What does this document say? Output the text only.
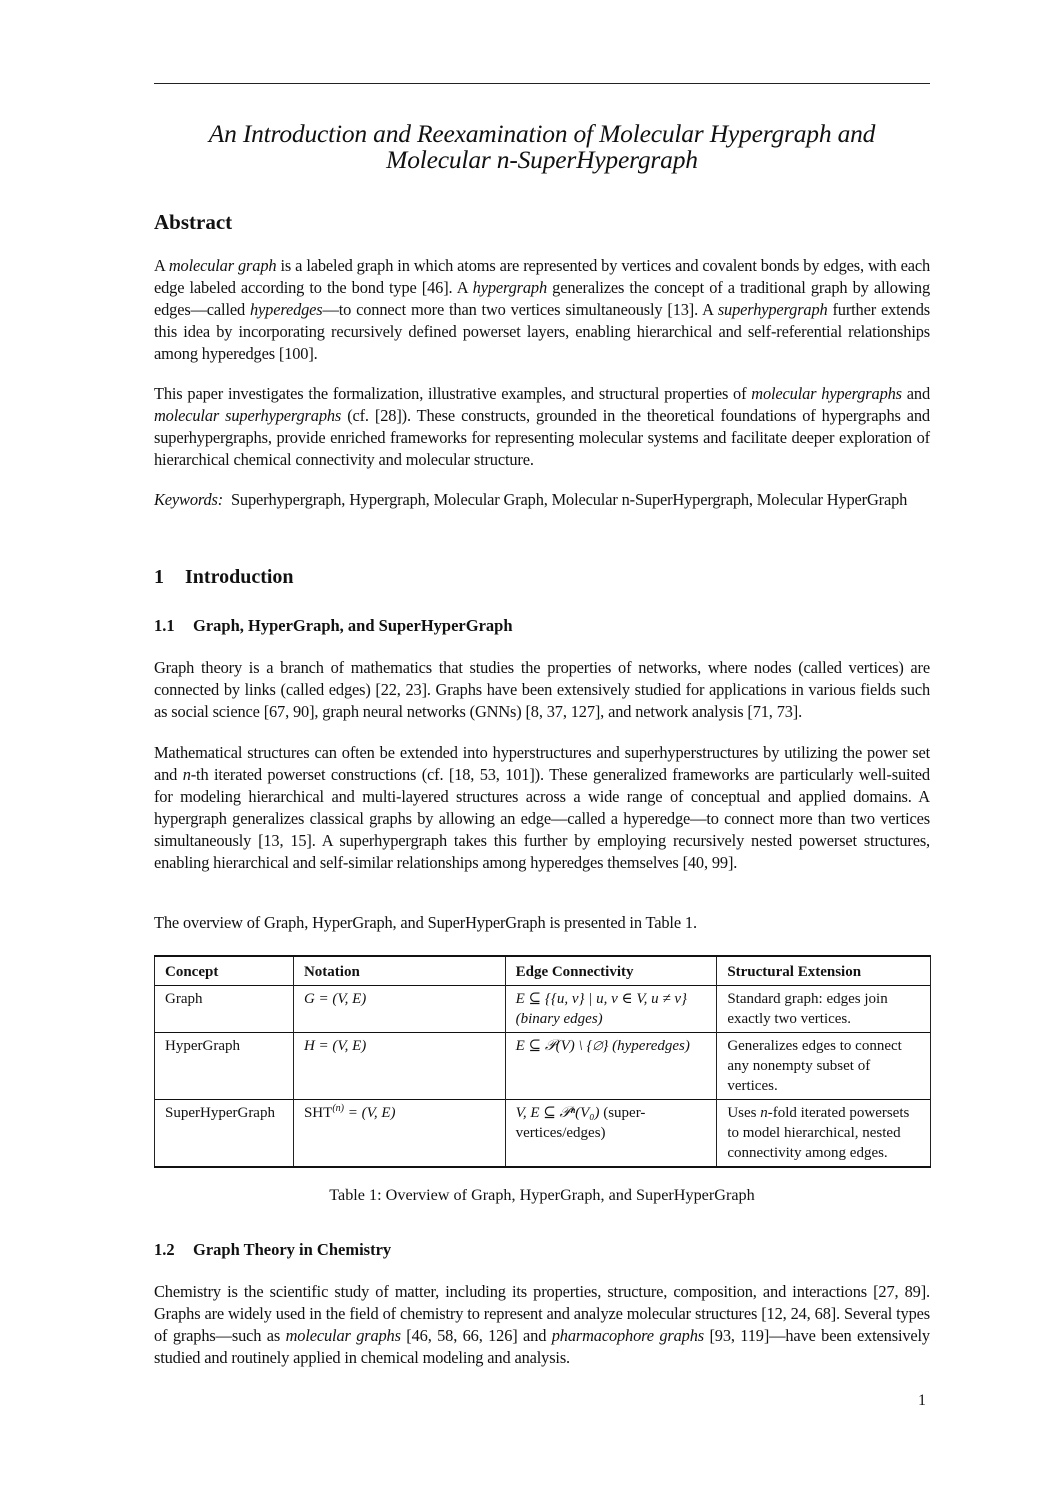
An Introduction and Reexamination of Molecular Hypergraph and
Molecular n-SuperHypergraph
Abstract
A molecular graph is a labeled graph in which atoms are represented by vertices and covalent bonds by edges, with each edge labeled according to the bond type [46]. A hypergraph generalizes the concept of a traditional graph by allowing edges—called hyperedges—to connect more than two vertices simultaneously [13]. A superhypergraph further extends this idea by incorporating recursively defined powerset layers, enabling hierarchical and self-referential relationships among hyperedges [100].
This paper investigates the formalization, illustrative examples, and structural properties of molecular hypergraphs and molecular superhypergraphs (cf. [28]). These constructs, grounded in the theoretical foundations of hypergraphs and superhypergraphs, provide enriched frameworks for representing molecular systems and facilitate deeper exploration of hierarchical chemical connectivity and molecular structure.
Keywords: Superhypergraph, Hypergraph, Molecular Graph, Molecular n-SuperHypergraph, Molecular HyperGraph
1 Introduction
1.1 Graph, HyperGraph, and SuperHyperGraph
Graph theory is a branch of mathematics that studies the properties of networks, where nodes (called vertices) are connected by links (called edges) [22, 23]. Graphs have been extensively studied for applications in various fields such as social science [67, 90], graph neural networks (GNNs) [8, 37, 127], and network analysis [71, 73].
Mathematical structures can often be extended into hyperstructures and superhyperstructures by utilizing the power set and n-th iterated powerset constructions (cf. [18, 53, 101]). These generalized frameworks are particularly well-suited for modeling hierarchical and multi-layered structures across a wide range of conceptual and applied domains. A hypergraph generalizes classical graphs by allowing an edge—called a hyperedge—to connect more than two vertices simultaneously [13, 15]. A superhypergraph takes this further by employing recursively nested powerset structures, enabling hierarchical and self-similar relationships among hyperedges themselves [40, 99].
The overview of Graph, HyperGraph, and SuperHyperGraph is presented in Table 1.
Concept	Notation	Edge Connectivity	Structural Extension
Graph	G = (V, E)	E ⊆ {{u, v} | u, v ∈ V, u ≠ v} (binary edges)	Standard graph: edges join exactly two vertices.
HyperGraph	H = (V, E)	E ⊆ 𝒫(V) \ {∅} (hyperedges)	Generalizes edges to connect any nonempty subset of vertices.
SuperHyperGraph	$SHT^{(n)} = (V$, E)	V, E ⊆ 𝒫ⁿ(V₀) (super-vertices/edges)	Uses n-fold iterated powersets to model hierarchical, nested connectivity among edges.
Table 1: Overview of Graph, HyperGraph, and SuperHyperGraph
1.2 Graph Theory in Chemistry
Chemistry is the scientific study of matter, including its properties, structure, composition, and interactions [27, 89]. Graphs are widely used in the field of chemistry to represent and analyze molecular structures [12, 24, 68]. Several types of graphs—such as molecular graphs [46, 58, 66, 126] and pharmacophore graphs [93, 119]—have been extensively studied and routinely applied in chemical modeling and analysis.
1
